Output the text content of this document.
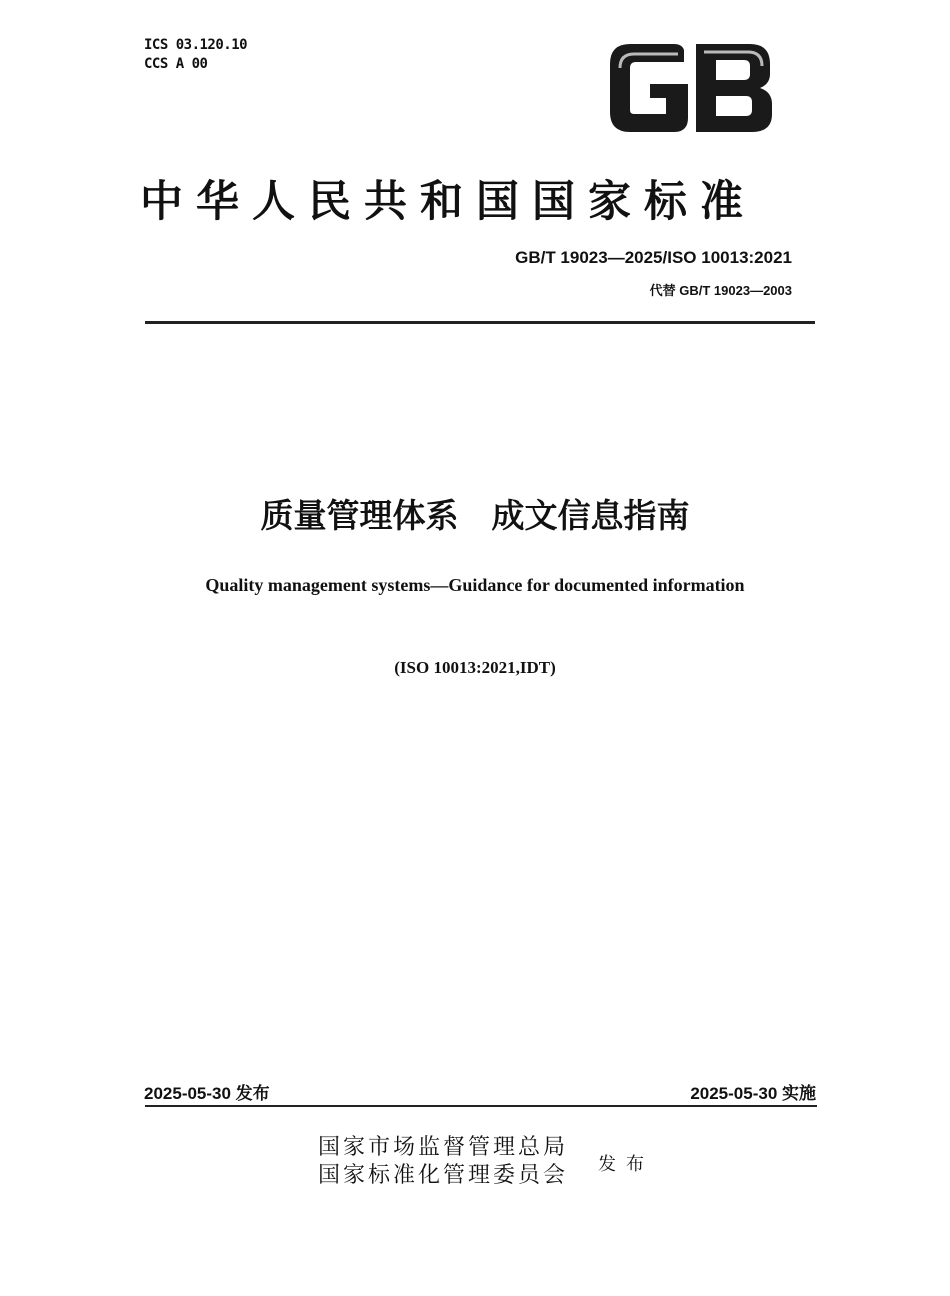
ICS 03.120.10
CCS A 00
中华人民共和国国家标准
GB/T 19023—2025/ISO 10013:2021
代替 GB/T 19023—2003
质量管理体系　成文信息指南
Quality management systems—Guidance for documented information
(ISO 10013:2021,IDT)
2025-05-30 发布	2025-05-30 实施
国家市场监督管理总局
国家标准化管理委员会 发布
